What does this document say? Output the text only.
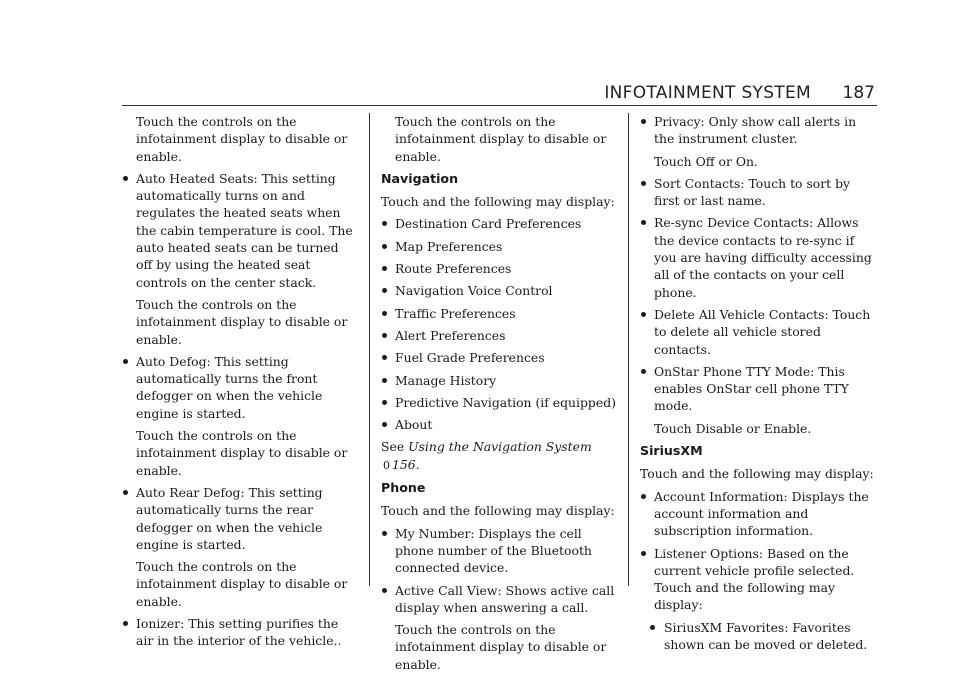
INFOTAINMENT SYSTEM 187

Touch the controls on the infotainment display to disable or enable.

Auto Heated Seats: This setting automatically turns on and regulates the heated seats when the cabin temperature is cool. The auto heated seats can be turned off by using the heated seat controls on the center stack.

Touch the controls on the infotainment display to disable or enable.

Auto Defog: This setting automatically turns the front defogger on when the vehicle engine is started.

Touch the controls on the infotainment display to disable or enable.

Auto Rear Defog: This setting automatically turns the rear defogger on when the vehicle engine is started.

Touch the controls on the infotainment display to disable or enable.

Ionizer: This setting purifies the air in the interior of the vehicle..

Touch the controls on the infotainment display to disable or enable.

Navigation

Touch and the following may display:

Destination Card Preferences
Map Preferences
Route Preferences
Navigation Voice Control
Traffic Preferences
Alert Preferences
Fuel Grade Preferences
Manage History
Predictive Navigation (if equipped)
About

See Using the Navigation System 0 156.

Phone

Touch and the following may display:

My Number: Displays the cell phone number of the Bluetooth connected device.
Active Call View: Shows active call display when answering a call.

Touch the controls on the infotainment display to disable or enable.

Privacy: Only show call alerts in the instrument cluster.

Touch Off or On.

Sort Contacts: Touch to sort by first or last name.
Re-sync Device Contacts: Allows the device contacts to re-sync if you are having difficulty accessing all of the contacts on your cell phone.
Delete All Vehicle Contacts: Touch to delete all vehicle stored contacts.
OnStar Phone TTY Mode: This enables OnStar cell phone TTY mode.

Touch Disable or Enable.

SiriusXM

Touch and the following may display:

Account Information: Displays the account information and subscription information.
Listener Options: Based on the current vehicle profile selected. Touch and the following may display:
SiriusXM Favorites: Favorites shown can be moved or deleted.
